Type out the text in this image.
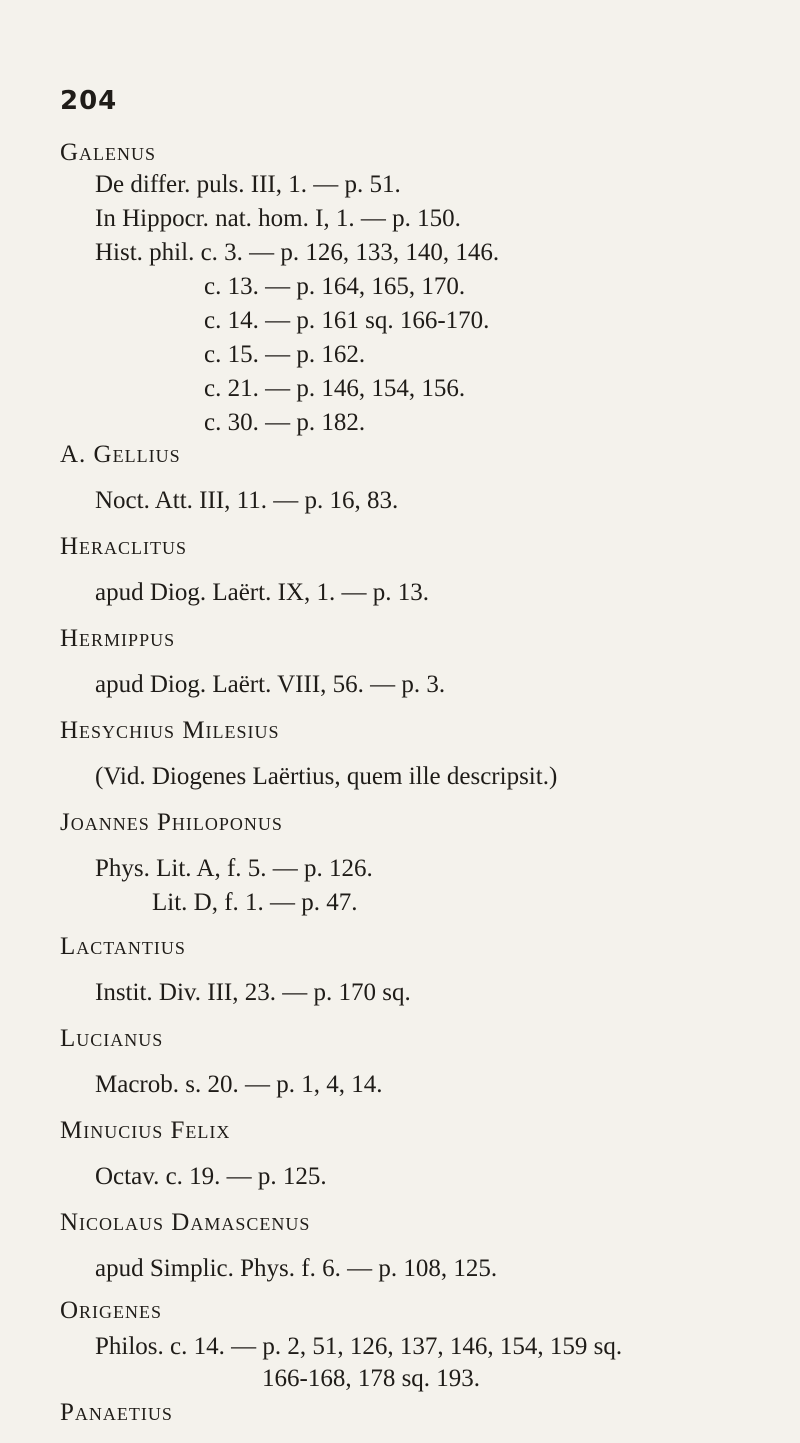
204
Galenus
De differ. puls. III, 1. — p. 51.
In Hippocr. nat. hom. I, 1. — p. 150.
Hist. phil. c. 3. — p. 126, 133, 140, 146.
c. 13. — p. 164, 165, 170.
c. 14. — p. 161 sq. 166-170.
c. 15. — p. 162.
c. 21. — p. 146, 154, 156.
c. 30. — p. 182.
A. Gellius
Noct. Att. III, 11. — p. 16, 83.
Heraclitus
apud Diog. Laërt. IX, 1. — p. 13.
Hermippus
apud Diog. Laërt. VIII, 56. — p. 3.
Hesychius Milesius
(Vid. Diogenes Laërtius, quem ille descripsit.)
Joannes Philoponus
Phys. Lit. A, f. 5. — p. 126.
Lit. D, f. 1. — p. 47.
Lactantius
Instit. Div. III, 23. — p. 170 sq.
Lucianus
Macrob. s. 20. — p. 1, 4, 14.
Minucius Felix
Octav. c. 19. — p. 125.
Nicolaus Damascenus
apud Simplic. Phys. f. 6. — p. 108, 125.
Origenes
Philos. c. 14. — p. 2, 51, 126, 137, 146, 154, 159 sq.
166-168, 178 sq. 193.
Panaetius
